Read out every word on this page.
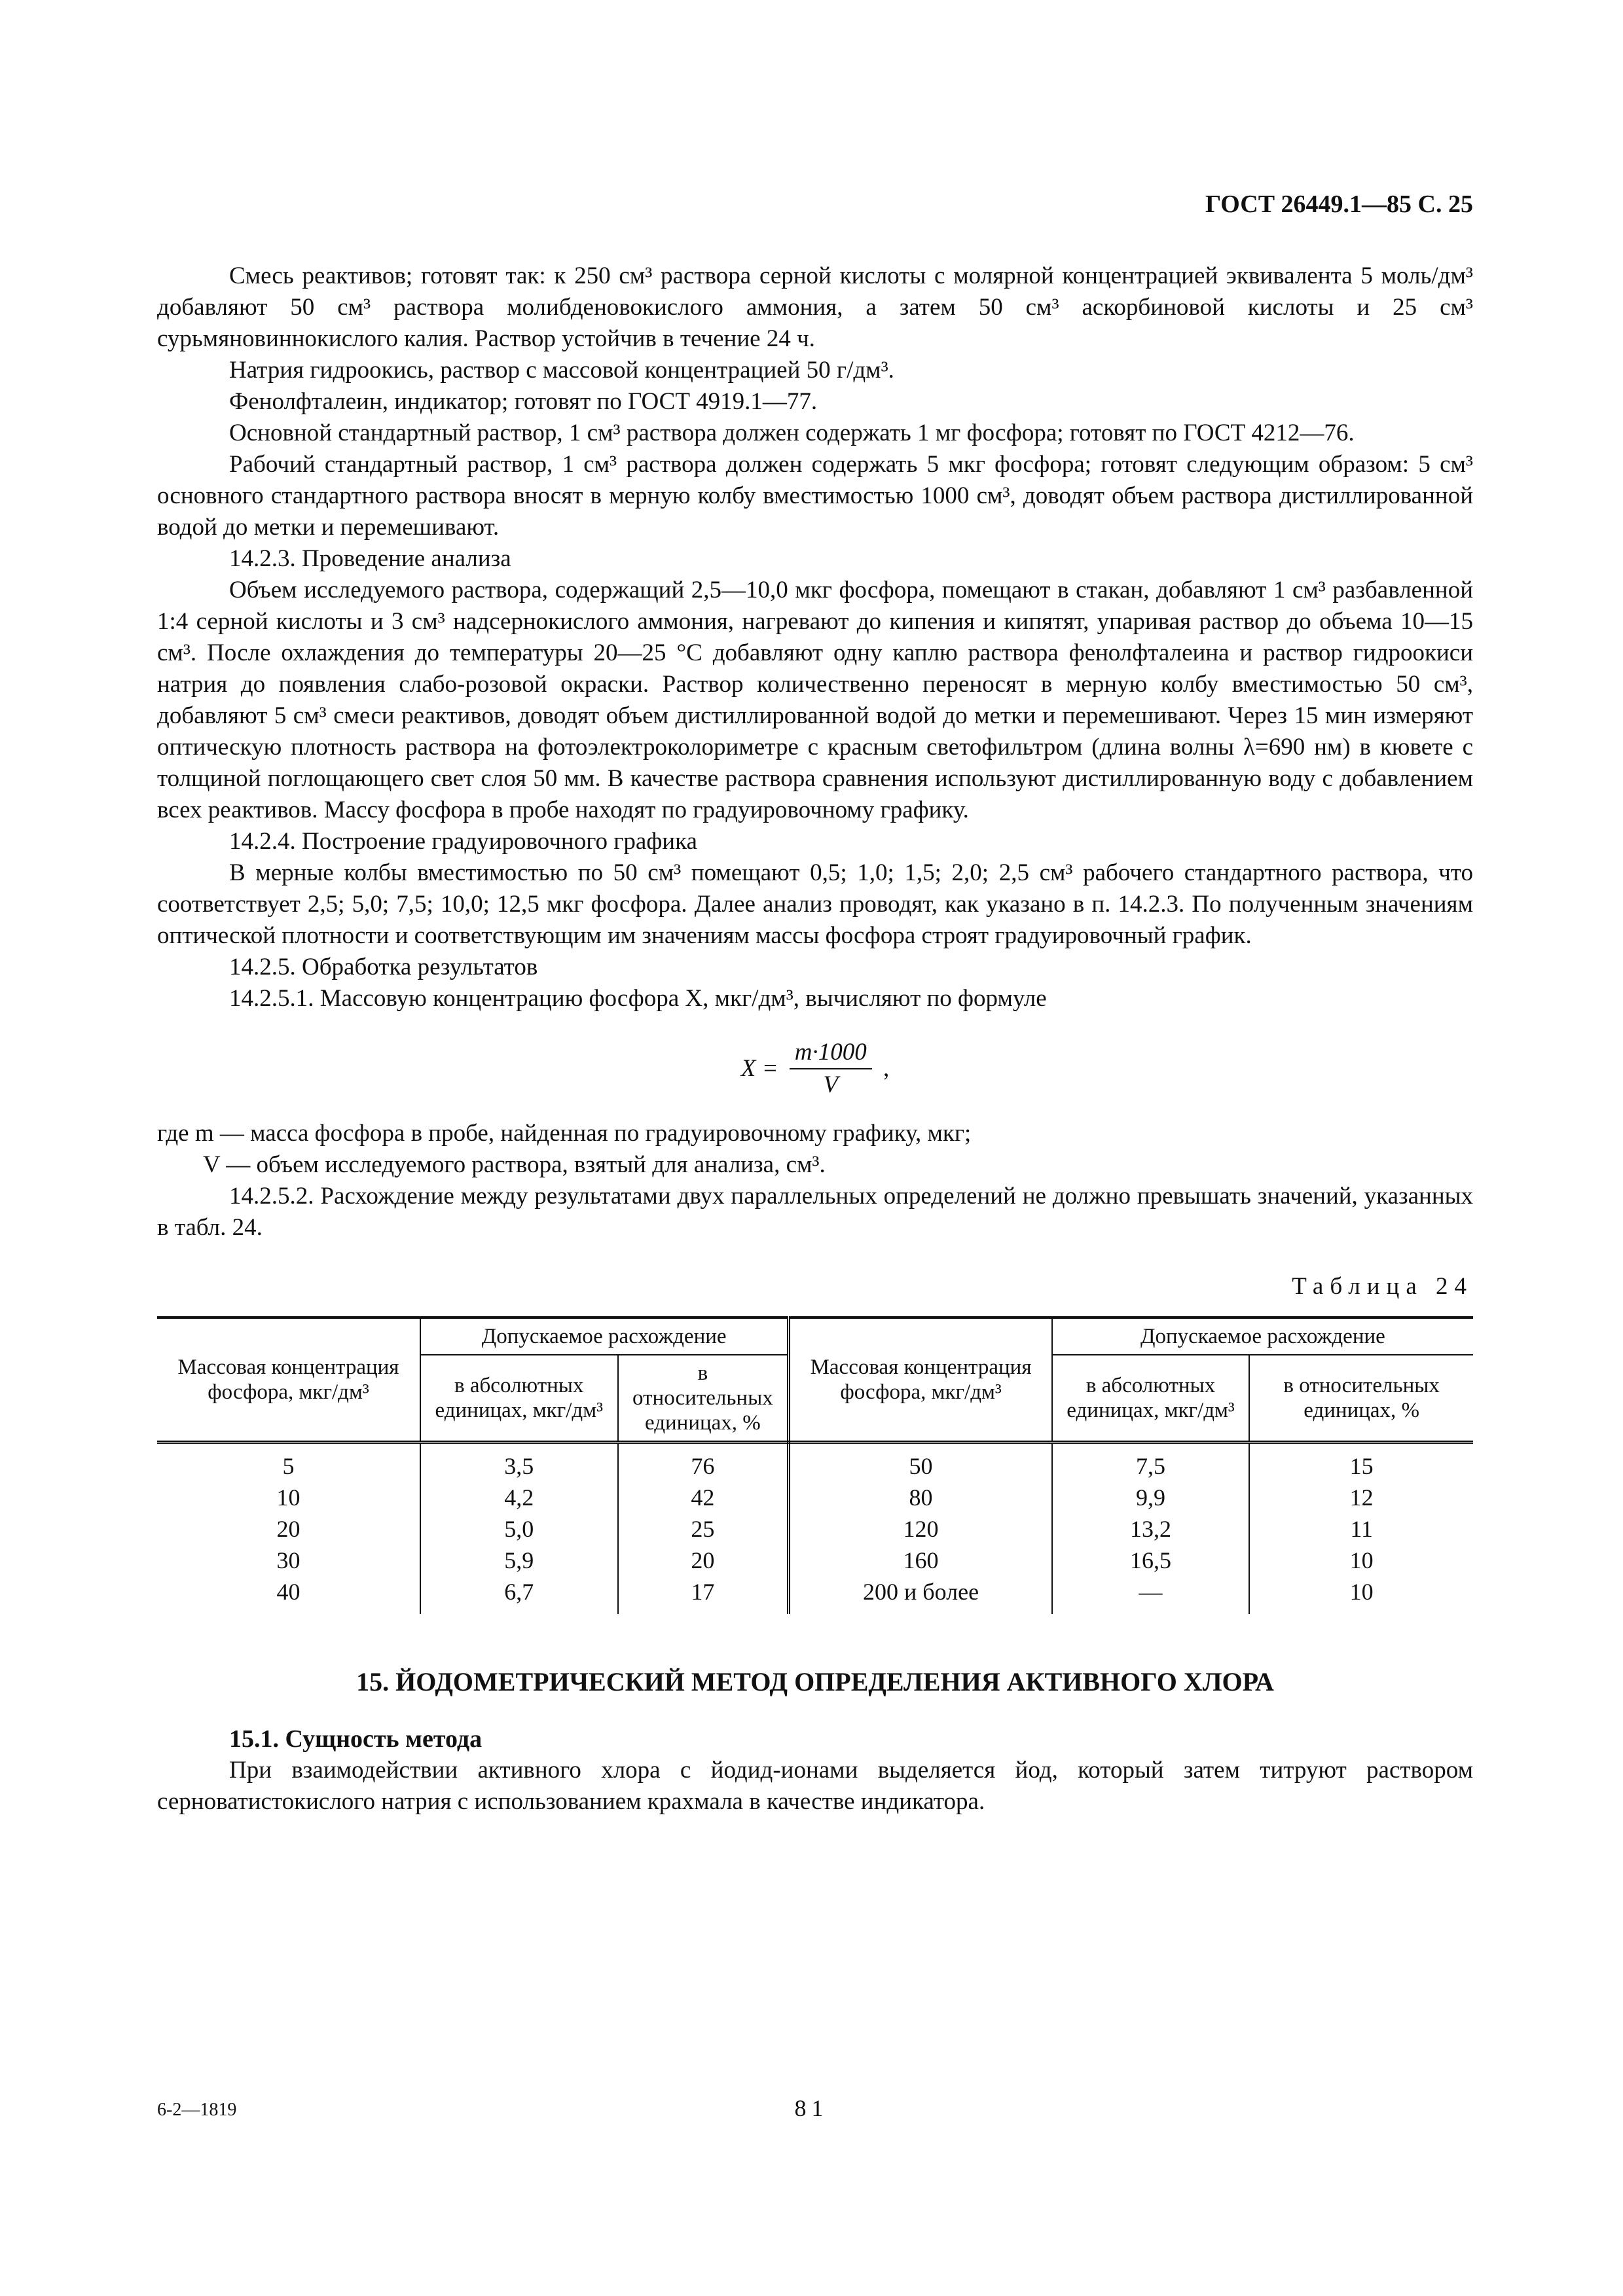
ГОСТ 26449.1—85 С. 25

Смесь реактивов; готовят так: к 250 см³ раствора серной кислоты с молярной концентрацией эквивалента 5 моль/дм³ добавляют 50 см³ раствора молибденовокислого аммония, а затем 50 см³ аскорбиновой кислоты и 25 см³ сурьмяновиннокислого калия. Раствор устойчив в течение 24 ч.

Натрия гидроокись, раствор с массовой концентрацией 50 г/дм³.

Фенолфталеин, индикатор; готовят по ГОСТ 4919.1—77.

Основной стандартный раствор, 1 см³ раствора должен содержать 1 мг фосфора; готовят по ГОСТ 4212—76.

Рабочий стандартный раствор, 1 см³ раствора должен содержать 5 мкг фосфора; готовят следующим образом: 5 см³ основного стандартного раствора вносят в мерную колбу вместимостью 1000 см³, доводят объем раствора дистиллированной водой до метки и перемешивают.

14.2.3. Проведение анализа

Объем исследуемого раствора, содержащий 2,5—10,0 мкг фосфора, помещают в стакан, добавляют 1 см³ разбавленной 1:4 серной кислоты и 3 см³ надсернокислого аммония, нагревают до кипения и кипятят, упаривая раствор до объема 10—15 см³. После охлаждения до температуры 20—25 °С добавляют одну каплю раствора фенолфталеина и раствор гидроокиси натрия до появления слабо-розовой окраски. Раствор количественно переносят в мерную колбу вместимостью 50 см³, добавляют 5 см³ смеси реактивов, доводят объем дистиллированной водой до метки и перемешивают. Через 15 мин измеряют оптическую плотность раствора на фотоэлектроколориметре с красным светофильтром (длина волны λ=690 нм) в кювете с толщиной поглощающего свет слоя 50 мм. В качестве раствора сравнения используют дистиллированную воду с добавлением всех реактивов. Массу фосфора в пробе находят по градуировочному графику.

14.2.4. Построение градуировочного графика

В мерные колбы вместимостью по 50 см³ помещают 0,5; 1,0; 1,5; 2,0; 2,5 см³ рабочего стандартного раствора, что соответствует 2,5; 5,0; 7,5; 10,0; 12,5 мкг фосфора. Далее анализ проводят, как указано в п. 14.2.3. По полученным значениям оптической плотности и соответствующим им значениям массы фосфора строят градуировочный график.

14.2.5. Обработка результатов

14.2.5.1. Массовую концентрацию фосфора X, мкг/дм³, вычисляют по формуле

$X = \frac{m\cdot 1000}{V}$ ,

где m — масса фосфора в пробе, найденная по градуировочному графику, мкг;

V — объем исследуемого раствора, взятый для анализа, см³.

14.2.5.2. Расхождение между результатами двух параллельных определений не должно превышать значений, указанных в табл. 24.

Таблица 24
Массовая концентрация фосфора, мкг/дм³	Допускаемое расхождение		Массовая концентрация фосфора, мкг/дм³	Допускаемое расхождение	
	в абсолютных единицах, мкг/дм³	в относительных единицах, %		в абсолютных единицах, мкг/дм³	в относительных единицах, %
5	3,5	76	50	7,5	15
10	4,2	42	80	9,9	12
20	5,0	25	120	13,2	11
30	5,9	20	160	16,5	10
40	6,7	17	200 и более	—	10
15. ЙОДОМЕТРИЧЕСКИЙ МЕТОД ОПРЕДЕЛЕНИЯ АКТИВНОГО ХЛОРА

15.1. Сущность метода

При взаимодействии активного хлора с йодид-ионами выделяется йод, который затем титруют раствором серноватистокислого натрия с использованием крахмала в качестве индикатора.

6-2—1819	81
